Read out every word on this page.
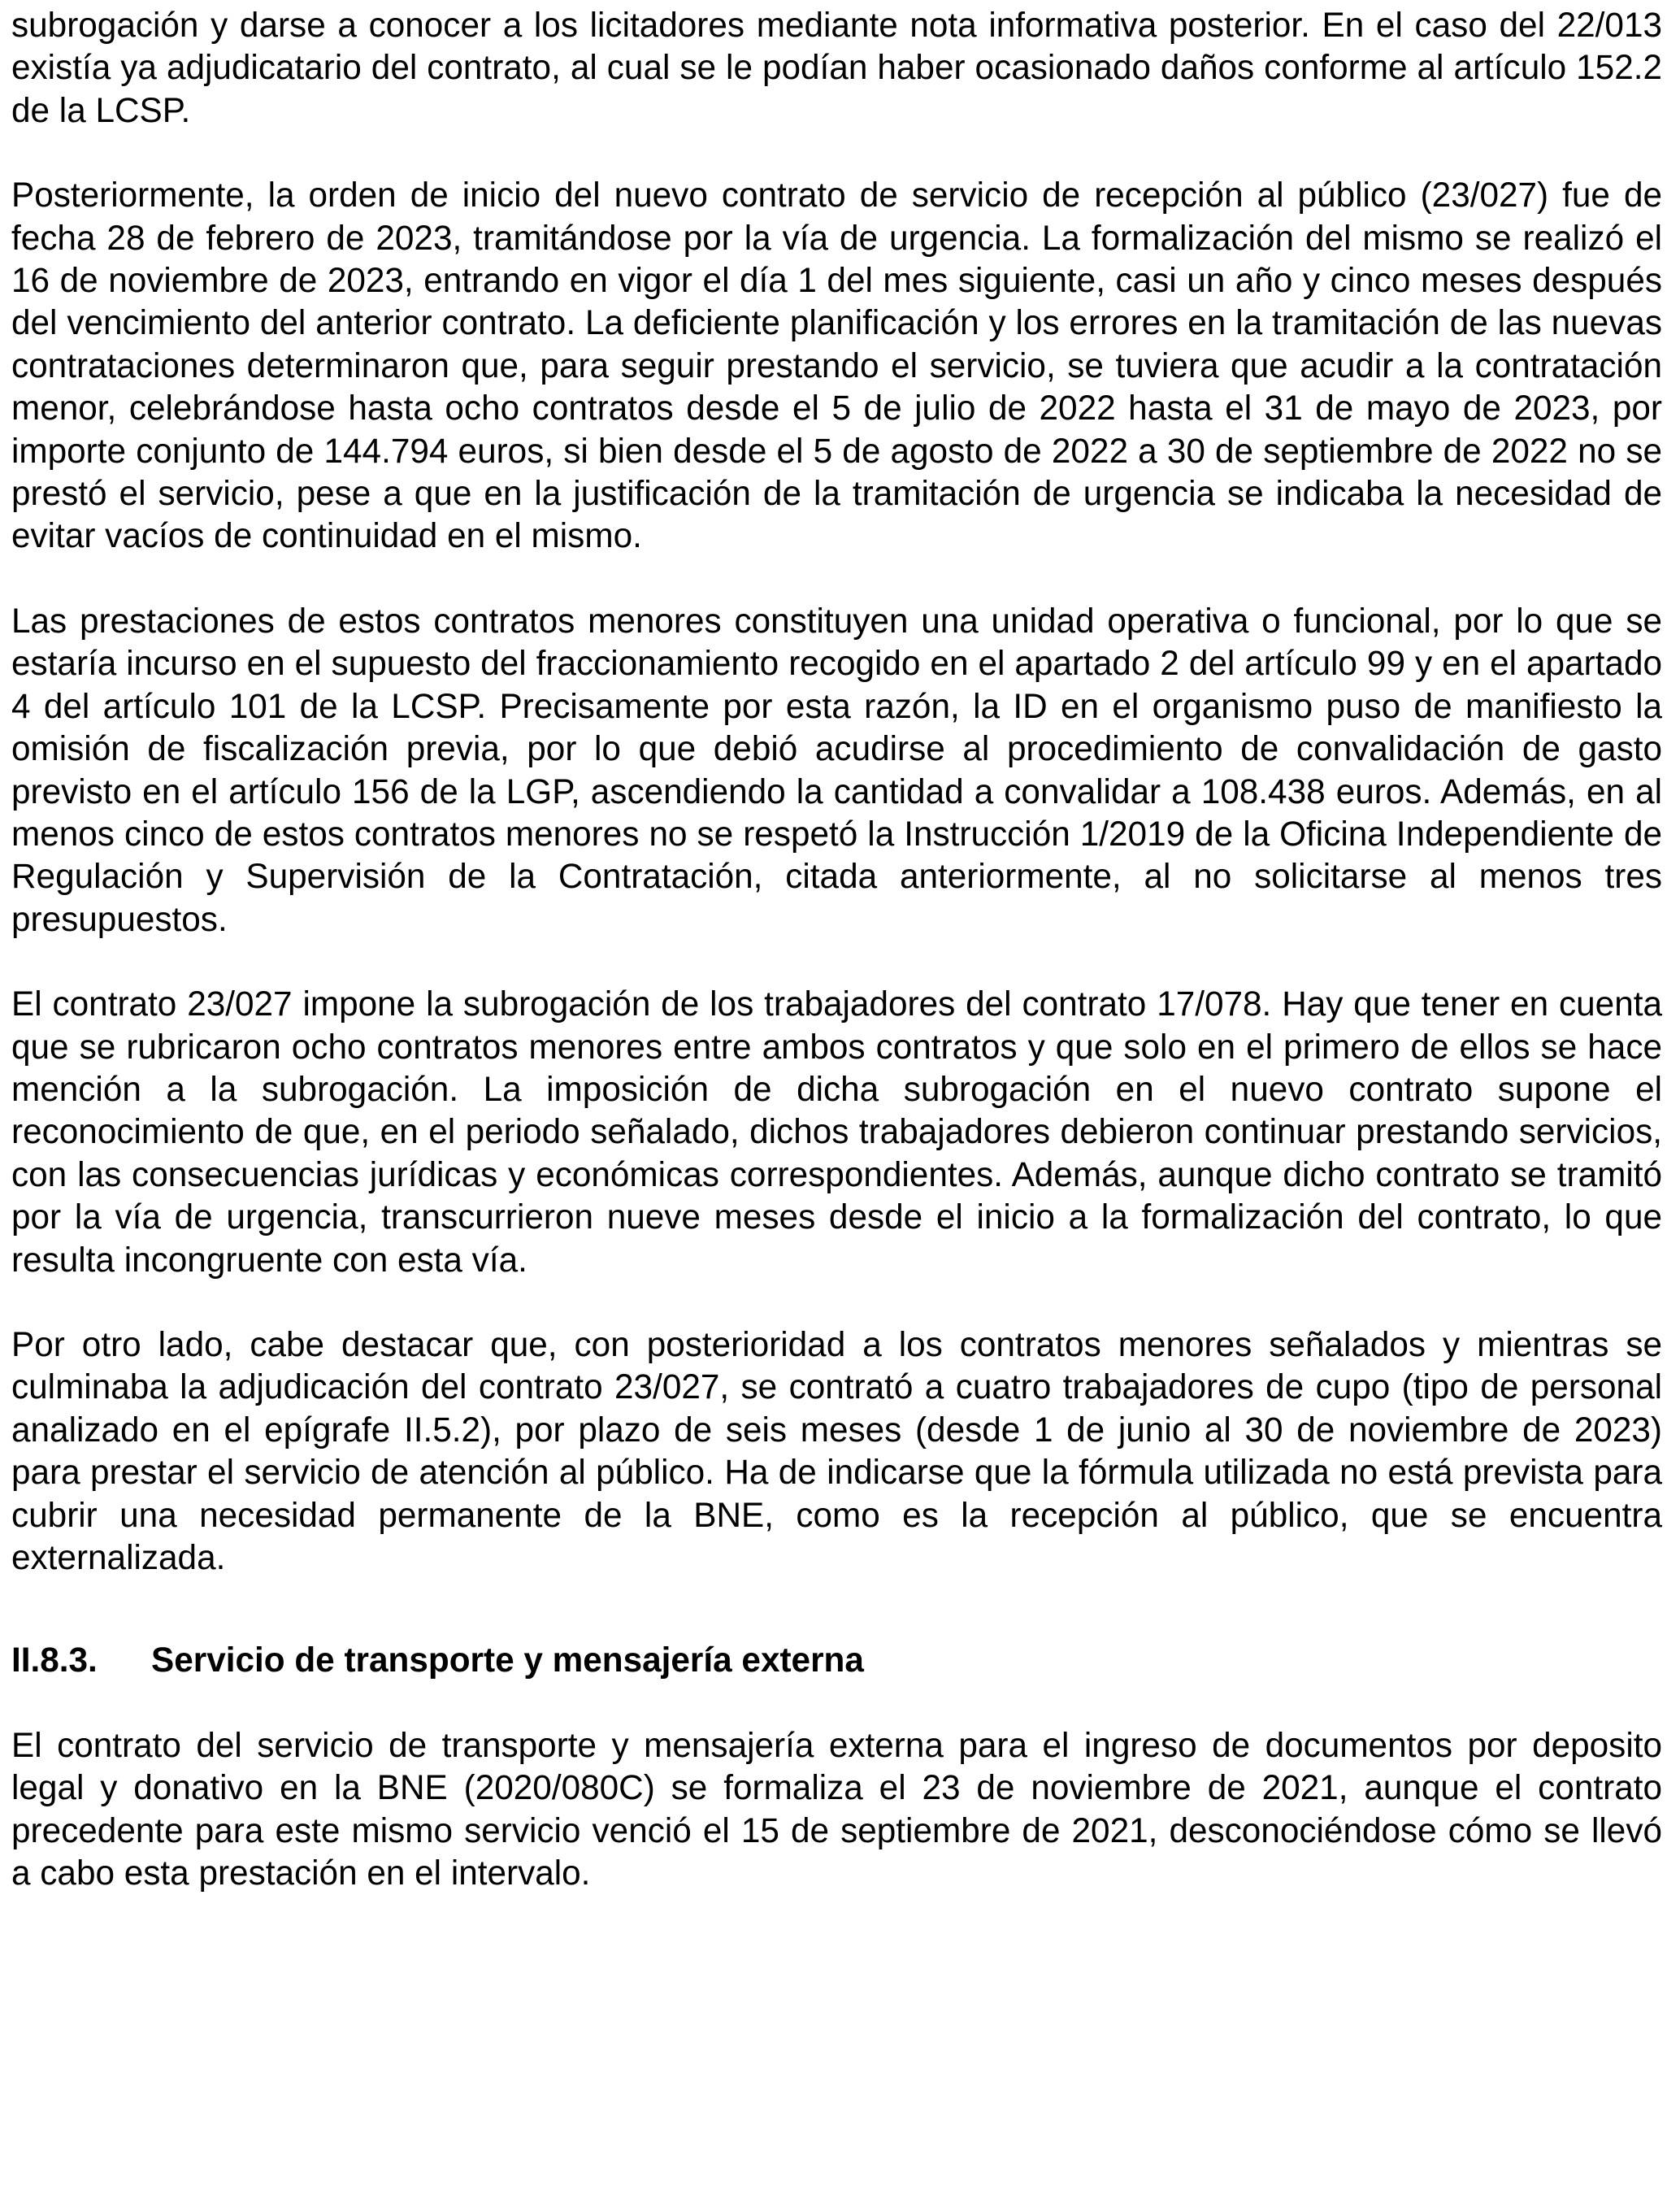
subrogación y darse a conocer a los licitadores mediante nota informativa posterior. En el caso del 22/013 existía ya adjudicatario del contrato, al cual se le podían haber ocasionado daños conforme al artículo 152.2 de la LCSP.

Posteriormente, la orden de inicio del nuevo contrato de servicio de recepción al público (23/027) fue de fecha 28 de febrero de 2023, tramitándose por la vía de urgencia. La formalización del mismo se realizó el 16 de noviembre de 2023, entrando en vigor el día 1 del mes siguiente, casi un año y cinco meses después del vencimiento del anterior contrato. La deficiente planificación y los errores en la tramitación de las nuevas contrataciones determinaron que, para seguir prestando el servicio, se tuviera que acudir a la contratación menor, celebrándose hasta ocho contratos desde el 5 de julio de 2022 hasta el 31 de mayo de 2023, por importe conjunto de 144.794 euros, si bien desde el 5 de agosto de 2022 a 30 de septiembre de 2022 no se prestó el servicio, pese a que en la justificación de la tramitación de urgencia se indicaba la necesidad de evitar vacíos de continuidad en el mismo.

Las prestaciones de estos contratos menores constituyen una unidad operativa o funcional, por lo que se estaría incurso en el supuesto del fraccionamiento recogido en el apartado 2 del artículo 99 y en el apartado 4 del artículo 101 de la LCSP. Precisamente por esta razón, la ID en el organismo puso de manifiesto la omisión de fiscalización previa, por lo que debió acudirse al procedimiento de convalidación de gasto previsto en el artículo 156 de la LGP, ascendiendo la cantidad a convalidar a 108.438 euros. Además, en al menos cinco de estos contratos menores no se respetó la Instrucción 1/2019 de la Oficina Independiente de Regulación y Supervisión de la Contratación, citada anteriormente, al no solicitarse al menos tres presupuestos.

El contrato 23/027 impone la subrogación de los trabajadores del contrato 17/078. Hay que tener en cuenta que se rubricaron ocho contratos menores entre ambos contratos y que solo en el primero de ellos se hace mención a la subrogación. La imposición de dicha subrogación en el nuevo contrato supone el reconocimiento de que, en el periodo señalado, dichos trabajadores debieron continuar prestando servicios, con las consecuencias jurídicas y económicas correspondientes. Además, aunque dicho contrato se tramitó por la vía de urgencia, transcurrieron nueve meses desde el inicio a la formalización del contrato, lo que resulta incongruente con esta vía.

Por otro lado, cabe destacar que, con posterioridad a los contratos menores señalados y mientras se culminaba la adjudicación del contrato 23/027, se contrató a cuatro trabajadores de cupo (tipo de personal analizado en el epígrafe II.5.2), por plazo de seis meses (desde 1 de junio al 30 de noviembre de 2023) para prestar el servicio de atención al público. Ha de indicarse que la fórmula utilizada no está prevista para cubrir una necesidad permanente de la BNE, como es la recepción al público, que se encuentra externalizada.

II.8.3. Servicio de transporte y mensajería externa

El contrato del servicio de transporte y mensajería externa para el ingreso de documentos por deposito legal y donativo en la BNE (2020/080C) se formaliza el 23 de noviembre de 2021, aunque el contrato precedente para este mismo servicio venció el 15 de septiembre de 2021, desconociéndose cómo se llevó a cabo esta prestación en el intervalo.
